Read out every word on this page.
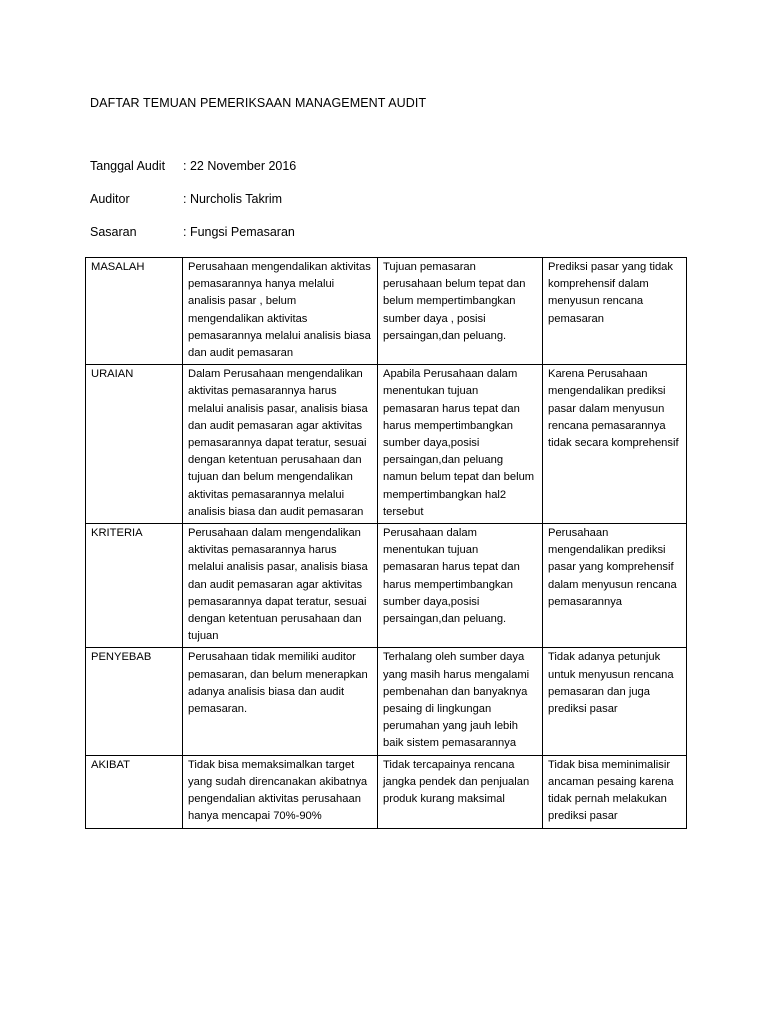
DAFTAR TEMUAN PEMERIKSAAN MANAGEMENT AUDIT
Tanggal Audit : 22 November 2016
Auditor	: Nurcholis Takrim
Sasaran	: Fungsi Pemasaran
MASALAH	Perusahaan mengendalikan aktivitas pemasarannya hanya melalui analisis pasar , belum mengendalikan aktivitas pemasarannya melalui analisis biasa dan audit pemasaran	Tujuan pemasaran perusahaan belum tepat dan belum mempertimbangkan sumber daya , posisi persaingan,dan peluang.	Prediksi pasar yang tidak komprehensif dalam menyusun rencana pemasaran
URAIAN	Dalam Perusahaan mengendalikan aktivitas pemasarannya harus melalui analisis pasar, analisis biasa dan audit pemasaran agar aktivitas pemasarannya dapat teratur, sesuai dengan ketentuan perusahaan dan tujuan dan belum mengendalikan aktivitas pemasarannya melalui analisis biasa dan audit pemasaran	Apabila Perusahaan dalam menentukan tujuan pemasaran harus tepat dan harus mempertimbangkan sumber daya,posisi persaingan,dan peluang namun belum tepat dan belum mempertimbangkan hal2 tersebut	Karena Perusahaan mengendalikan prediksi pasar dalam menyusun rencana pemasarannya tidak secara komprehensif
KRITERIA	Perusahaan dalam mengendalikan aktivitas pemasarannya harus melalui analisis pasar, analisis biasa dan audit pemasaran agar aktivitas pemasarannya dapat teratur, sesuai dengan ketentuan perusahaan dan tujuan	Perusahaan dalam menentukan tujuan pemasaran harus tepat dan harus mempertimbangkan sumber daya,posisi persaingan,dan peluang.	Perusahaan mengendalikan prediksi pasar yang komprehensif dalam menyusun rencana pemasarannya
PENYEBAB	Perusahaan tidak memiliki auditor pemasaran, dan belum menerapkan adanya analisis biasa dan audit pemasaran.	Terhalang oleh sumber daya yang masih harus mengalami pembenahan dan banyaknya pesaing di lingkungan perumahan yang jauh lebih baik sistem pemasarannya	Tidak adanya petunjuk untuk menyusun rencana pemasaran dan juga prediksi pasar
AKIBAT	Tidak bisa memaksimalkan target yang sudah direncanakan akibatnya pengendalian aktivitas perusahaan hanya mencapai 70%-90%	Tidak tercapainya rencana jangka pendek dan penjualan produk kurang maksimal	Tidak bisa meminimalisir ancaman pesaing karena tidak pernah melakukan prediksi pasar
